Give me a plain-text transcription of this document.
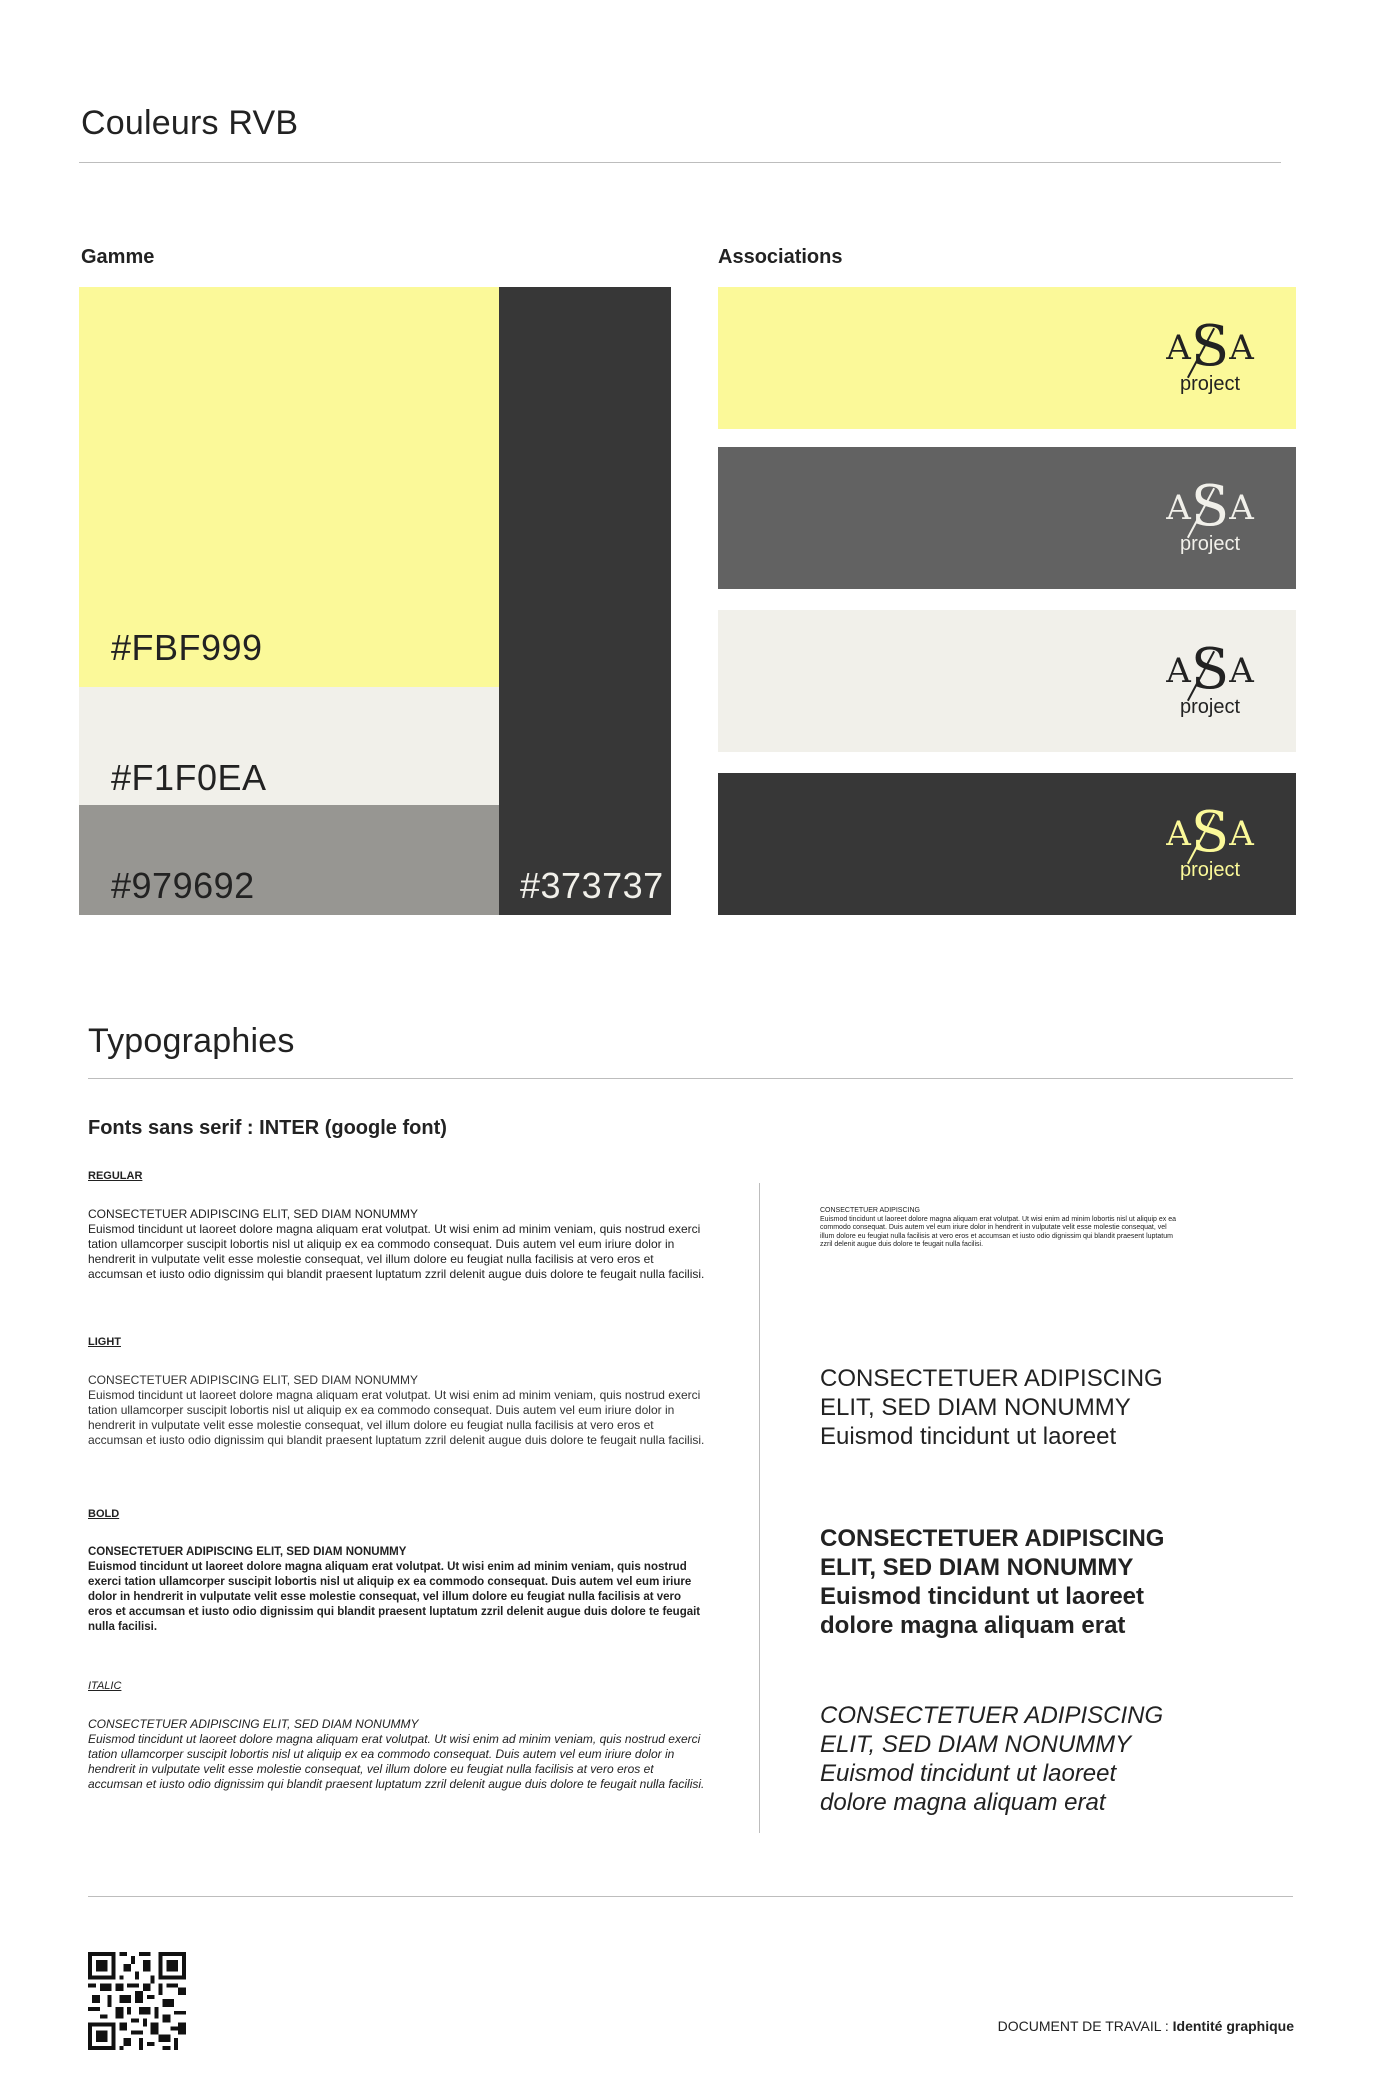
Couleurs RVB
Gamme	Associations
#FBF999
#F1F0EA
#979692	#373737
ASA
project
ASA
project
ASA
project
ASA
project
Typographies
Fonts sans serif : INTER (google font)
REGULAR
CONSECTETUER ADIPISCING ELIT, SED DIAM NONUMMY
Euismod tincidunt ut laoreet dolore magna aliquam erat volutpat. Ut wisi enim ad minim veniam, quis nostrud exerci tation ullamcorper suscipit lobortis nisl ut aliquip ex ea commodo consequat. Duis autem vel eum iriure dolor in hendrerit in vulputate velit esse molestie consequat, vel illum dolore eu feugiat nulla facilisis at vero eros et accumsan et iusto odio dignissim qui blandit praesent luptatum zzril delenit augue duis dolore te feugait nulla facilisi.
LIGHT
CONSECTETUER ADIPISCING ELIT, SED DIAM NONUMMY
Euismod tincidunt ut laoreet dolore magna aliquam erat volutpat. Ut wisi enim ad minim veniam, quis nostrud exerci tation ullamcorper suscipit lobortis nisl ut aliquip ex ea commodo consequat. Duis autem vel eum iriure dolor in hendrerit in vulputate velit esse molestie consequat, vel illum dolore eu feugiat nulla facilisis at vero eros et accumsan et iusto odio dignissim qui blandit praesent luptatum zzril delenit augue duis dolore te feugait nulla facilisi.
BOLD
CONSECTETUER ADIPISCING ELIT, SED DIAM NONUMMY
Euismod tincidunt ut laoreet dolore magna aliquam erat volutpat. Ut wisi enim ad minim veniam, quis nostrud exerci tation ullamcorper suscipit lobortis nisl ut aliquip ex ea commodo consequat. Duis autem vel eum iriure dolor in hendrerit in vulputate velit esse molestie consequat, vel illum dolore eu feugiat nulla facilisis at vero eros et accumsan et iusto odio dignissim qui blandit praesent luptatum zzril delenit augue duis dolore te feugait nulla facilisi.
ITALIC
CONSECTETUER ADIPISCING ELIT, SED DIAM NONUMMY
Euismod tincidunt ut laoreet dolore magna aliquam erat volutpat. Ut wisi enim ad minim veniam, quis nostrud exerci tation ullamcorper suscipit lobortis nisl ut aliquip ex ea commodo consequat. Duis autem vel eum iriure dolor in hendrerit in vulputate velit esse molestie consequat, vel illum dolore eu feugiat nulla facilisis at vero eros et accumsan et iusto odio dignissim qui blandit praesent luptatum zzril delenit augue duis dolore te feugait nulla facilisi.
CONSECTETUER ADIPISCING
Euismod tincidunt ut laoreet dolore magna aliquam erat volutpat. Ut wisi enim ad minim lobortis nisl ut aliquip ex ea commodo consequat. Duis autem vel eum iriure dolor in hendrerit in vulputate velit esse molestie consequat, vel illum dolore eu feugiat nulla facilisis at vero eros et accumsan et iusto odio dignissim qui blandit praesent luptatum zzril delenit augue duis dolore te feugait nulla facilisi.
CONSECTETUER ADIPISCING ELIT, SED DIAM NONUMMY Euismod tincidunt ut laoreet
CONSECTETUER ADIPISCING ELIT, SED DIAM NONUMMY Euismod tincidunt ut laoreet dolore magna aliquam erat
CONSECTETUER ADIPISCING ELIT, SED DIAM NONUMMY Euismod tincidunt ut laoreet dolore magna aliquam erat
DOCUMENT DE TRAVAIL : Identité graphique
